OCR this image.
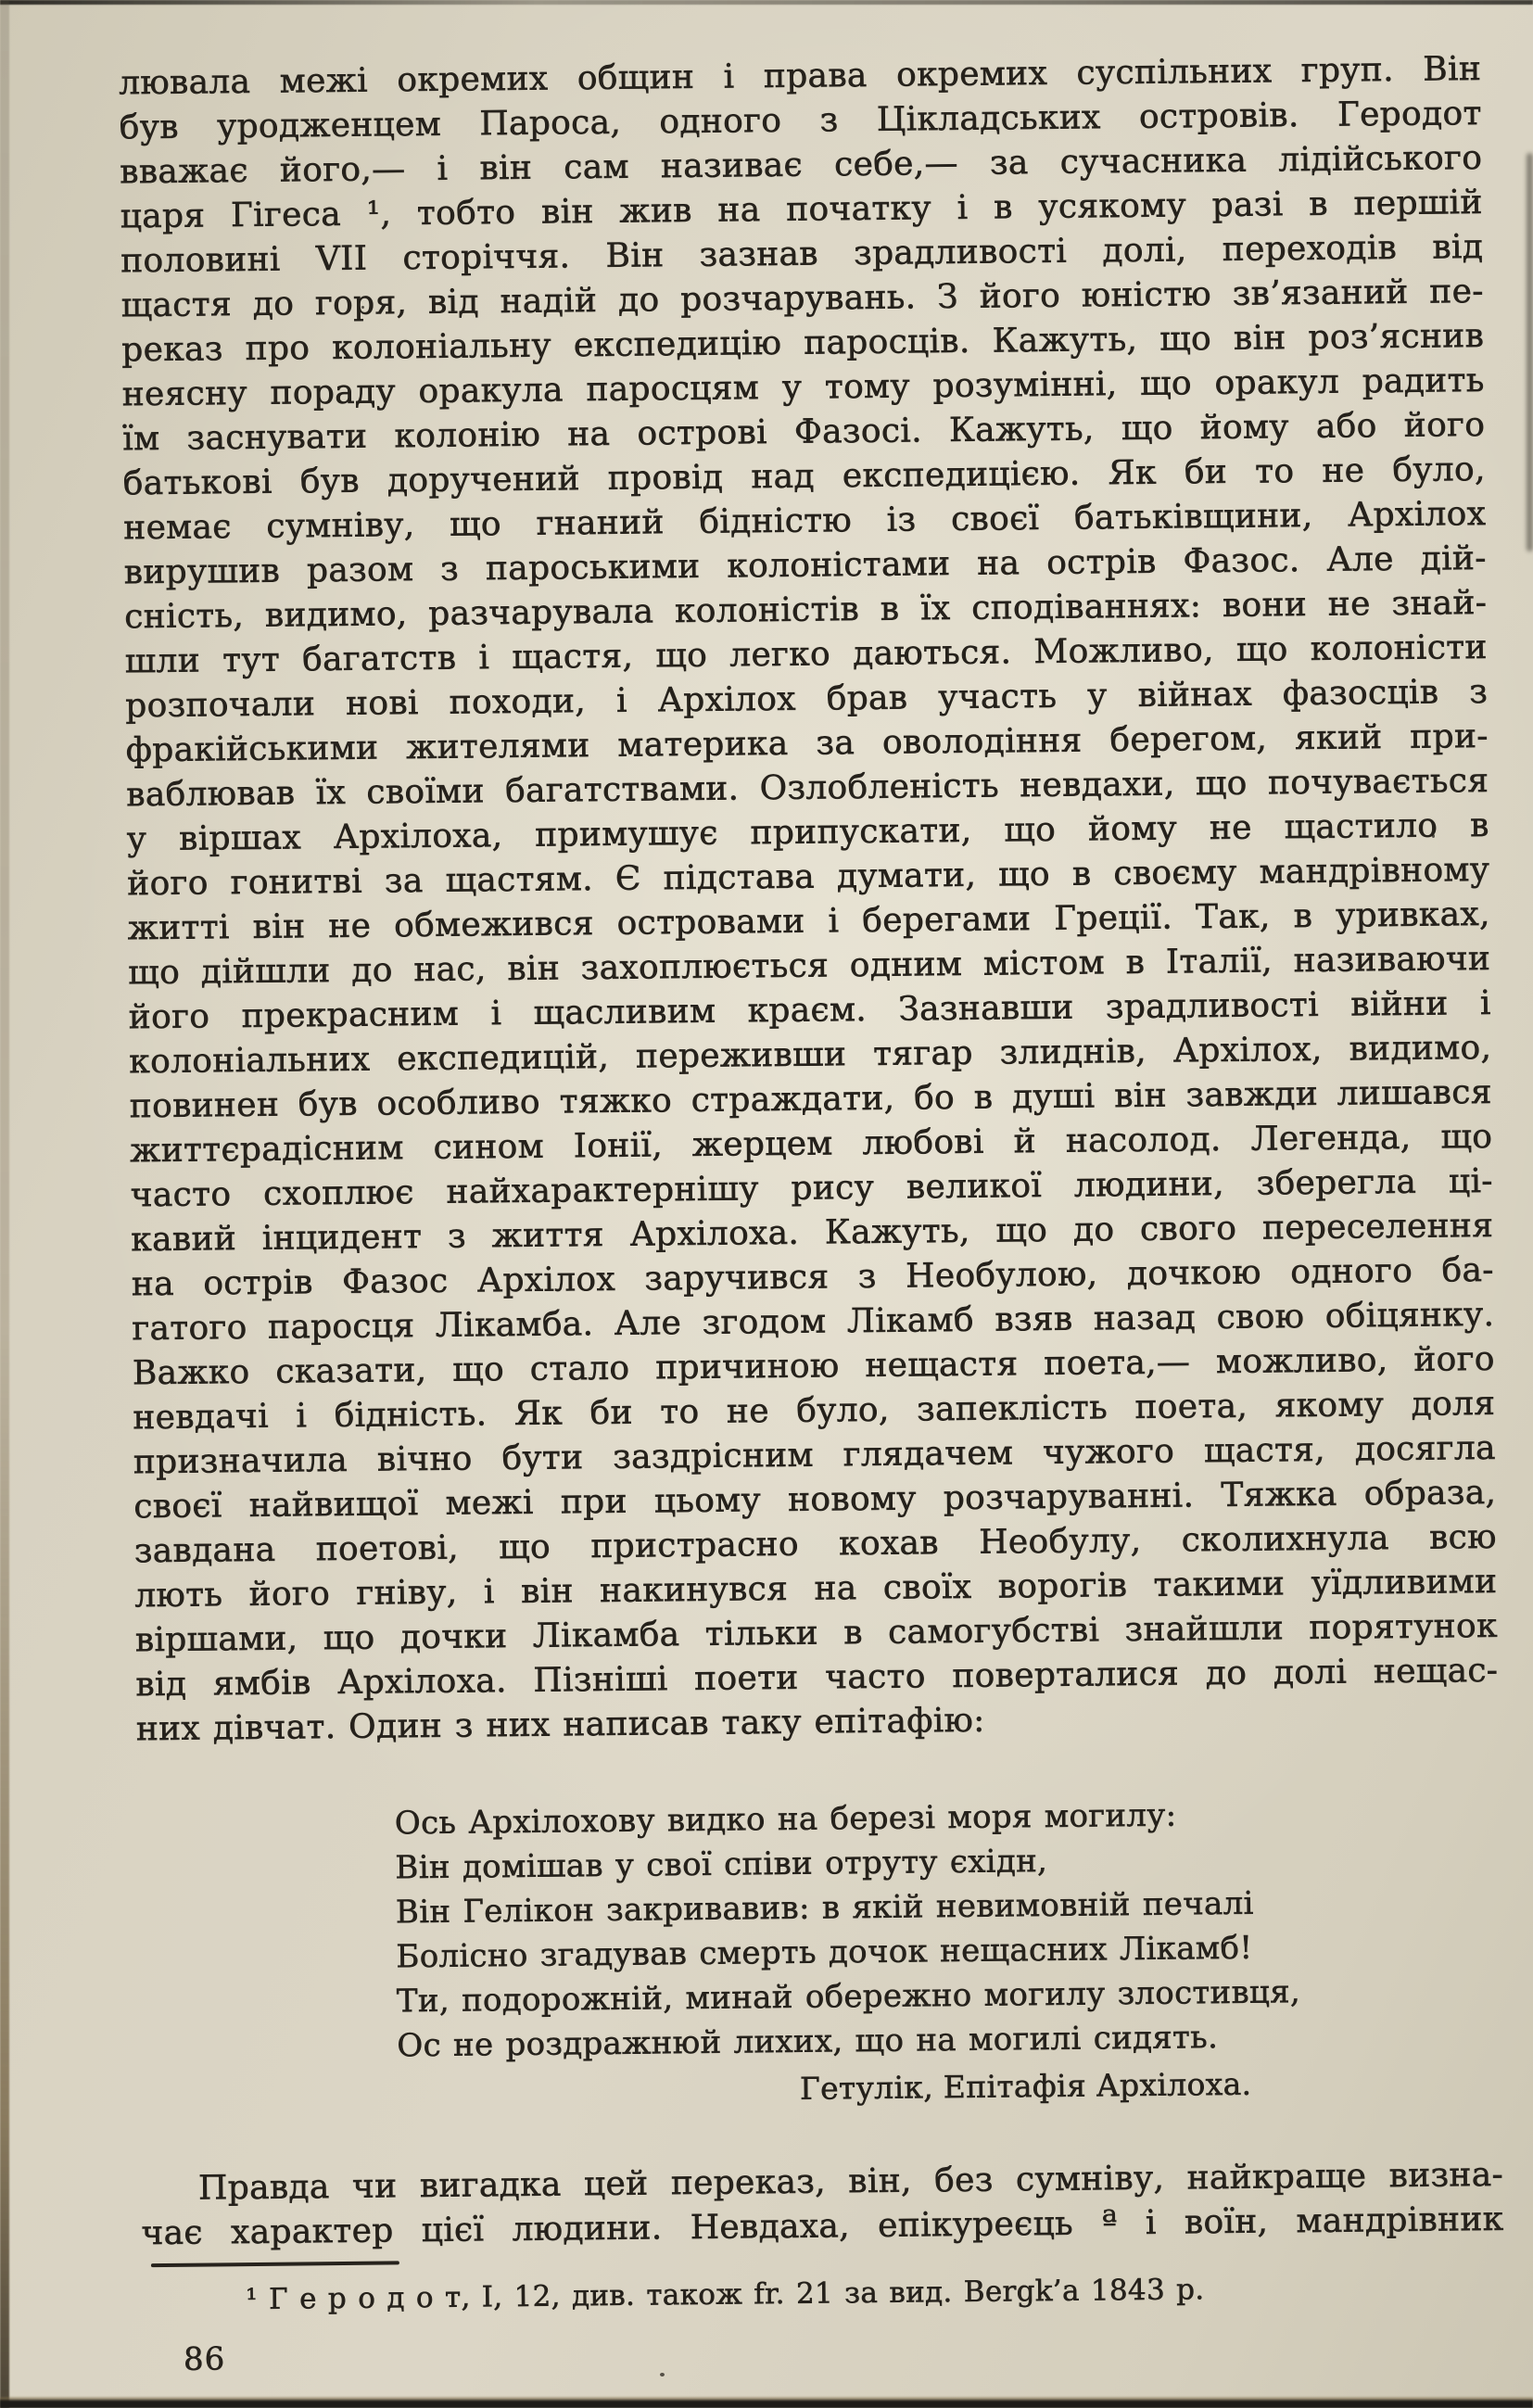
лювала межі окремих общин і права окремих суспільних груп. Він
був уродженцем Пароса, одного з Цікладських островів. Геродот
вважає його,— і він сам називає себе,— за сучасника лідійського
царя Гігеса ¹, тобто він жив на початку і в усякому разі в першій
половині VII сторіччя. Він зазнав зрадливості долі, переходів від
щастя до горя, від надій до розчарувань. З його юністю зв’язаний пе-
реказ про колоніальну експедицію паросців. Кажуть, що він роз’яснив
неясну пораду оракула паросцям у тому розумінні, що оракул радить
їм заснувати колонію на острові Фазосі. Кажуть, що йому або його
батькові був доручений провід над експедицією. Як би то не було,
немає сумніву, що гнаний бідністю із своєї батьківщини, Архілох
вирушив разом з пароськими колоністами на острів Фазос. Але дій-
сність, видимо, разчарувала колоністів в їх сподіваннях: вони не знай-
шли тут багатств і щастя, що легко даються. Можливо, що колоністи
розпочали нові походи, і Архілох брав участь у війнах фазосців з
фракійськими жителями материка за оволодіння берегом, який при-
ваблював їх своїми багатствами. Озлобленість невдахи, що почувається
у віршах Архілоха, примушує припускати, що йому не щастило в
його гонитві за щастям. Є підстава думати, що в своєму мандрівному
житті він не обмежився островами і берегами Греції. Так, в уривках,
що дійшли до нас, він захоплюється одним містом в Італії, називаючи
його прекрасним і щасливим краєм. Зазнавши зрадливості війни і
колоніальних експедицій, переживши тягар злиднів, Архілох, видимо,
повинен був особливо тяжко страждати, бо в душі він завжди лишався
життєрадісним сином Іонії, жерцем любові й насолод. Легенда, що
часто схоплює найхарактернішу рису великої людини, зберегла ці-
кавий інцидент з життя Архілоха. Кажуть, що до свого переселення
на острів Фазос Архілох заручився з Необулою, дочкою одного ба-
гатого паросця Лікамба. Але згодом Лікамб взяв назад свою обіцянку.
Важко сказати, що стало причиною нещастя поета,— можливо, його
невдачі і бідність. Як би то не було, запеклість поета, якому доля
призначила вічно бути заздрісним глядачем чужого щастя, досягла
своєї найвищої межі при цьому новому розчаруванні. Тяжка образа,
завдана поетові, що пристрасно кохав Необулу, сколихнула всю
лють його гніву, і він накинувся на своїх ворогів такими уїдливими
віршами, що дочки Лікамба тільки в самогубстві знайшли порятунок
від ямбів Архілоха. Пізніші поети часто поверталися до долі нещас-
них дівчат. Один з них написав таку епітафію:
Ось Архілохову видко на березі моря могилу:
Він домішав у свої співи отруту єхідн,
Він Гелікон закривавив: в якій невимовній печалі
Болісно згадував смерть дочок нещасних Лікамб!
Ти, подорожній, минай обережно могилу злостивця,
Ос не роздражнюй лихих, що на могилі сидять.
Гетулік, Епітафія Архілоха.
Правда чи вигадка цей переказ, він, без сумніву, найкраще визна-
чає характер цієї людини. Невдаха, епікуреєць ª і воїн, мандрівник
¹ Г е р о д о т, I, 12, див. також fr. 21 за вид. Bergk’а 1843 р.
86
